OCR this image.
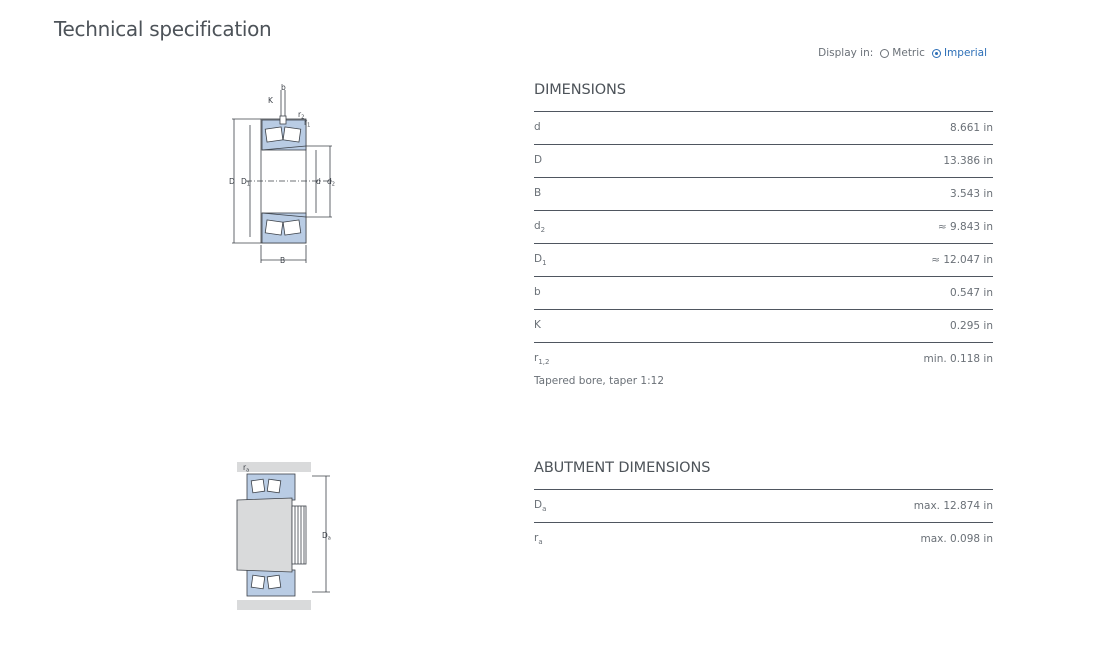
Technical specification
Display in: Metric Imperial
b
K
$r_2$
$r_1$
D $D_1$	d $d_2$
B
$r_a$
$D_a$
DIMENSIONS
d	8.661 in
D	13.386 in
B	3.543 in
$d_2$	≈ 9.843 in
$D_1$	≈ 12.047 in
b	0.547 in
K	0.295 in
$r_{1,2}$	min. 0.118 in
Tapered bore, taper 1:12
ABUTMENT DIMENSIONS
$D_a$	max. 12.874 in
$r_a$	max. 0.098 in
